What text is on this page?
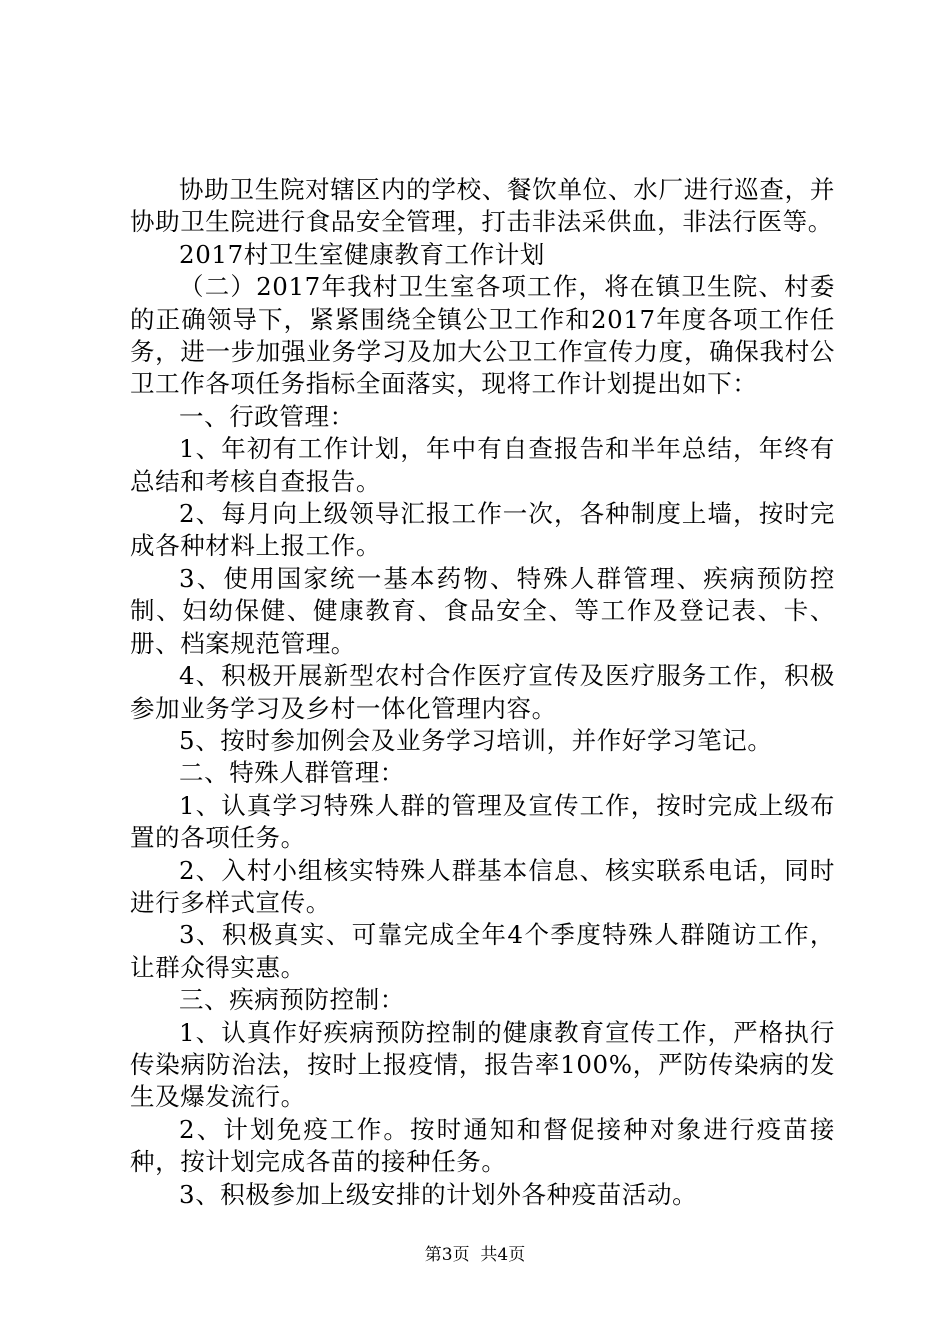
协助卫生院对辖区内的学校、餐饮单位、水厂进行巡查，并协助卫生院进行食品安全管理，打击非法采供血，非法行医等。

2017村卫生室健康教育工作计划

（二）2017年我村卫生室各项工作，将在镇卫生院、村委的正确领导下，紧紧围绕全镇公卫工作和2017年度各项工作任务，进一步加强业务学习及加大公卫工作宣传力度，确保我村公卫工作各项任务指标全面落实，现将工作计划提出如下：

一、行政管理：

1、年初有工作计划，年中有自查报告和半年总结，年终有总结和考核自查报告。

2、每月向上级领导汇报工作一次，各种制度上墙，按时完成各种材料上报工作。

3、使用国家统一基本药物、特殊人群管理、疾病预防控制、妇幼保健、健康教育、食品安全、等工作及登记表、卡、册、档案规范管理。

4、积极开展新型农村合作医疗宣传及医疗服务工作，积极参加业务学习及乡村一体化管理内容。

5、按时参加例会及业务学习培训，并作好学习笔记。

二、特殊人群管理：

1、认真学习特殊人群的管理及宣传工作，按时完成上级布置的各项任务。

2、入村小组核实特殊人群基本信息、核实联系电话，同时进行多样式宣传。

3、积极真实、可靠完成全年4个季度特殊人群随访工作，让群众得实惠。

三、疾病预防控制：

1、认真作好疾病预防控制的健康教育宣传工作，严格执行传染病防治法，按时上报疫情，报告率100%，严防传染病的发生及爆发流行。

2、计划免疫工作。按时通知和督促接种对象进行疫苗接种，按计划完成各苗的接种任务。

3、积极参加上级安排的计划外各种疫苗活动。

第3页 共4页
